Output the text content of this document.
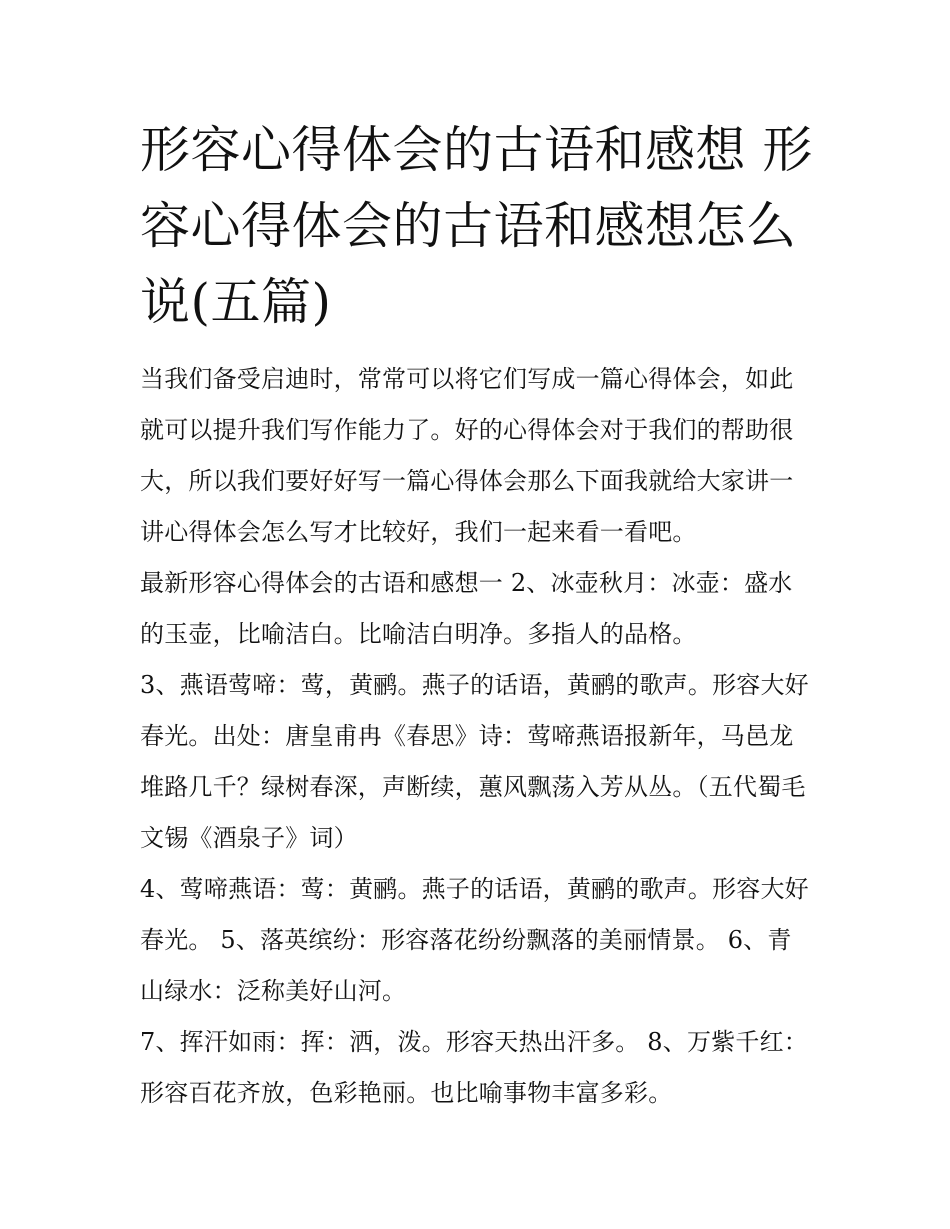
形容心得体会的古语和感想 形容心得体会的古语和感想怎么说(五篇)

当我们备受启迪时，常常可以将它们写成一篇心得体会，如此就可以提升我们写作能力了。好的心得体会对于我们的帮助很大，所以我们要好好写一篇心得体会那么下面我就给大家讲一讲心得体会怎么写才比较好，我们一起来看一看吧。

最新形容心得体会的古语和感想一 2、冰壶秋月：冰壶：盛水的玉壶，比喻洁白。比喻洁白明净。多指人的品格。

3、燕语莺啼：莺，黄鹂。燕子的话语，黄鹂的歌声。形容大好春光。出处：唐皇甫冉《春思》诗：莺啼燕语报新年，马邑龙堆路几千？绿树春深，声断续，蕙风飘荡入芳从丛。（五代蜀毛文锡《酒泉子》词）

4、莺啼燕语：莺：黄鹂。燕子的话语，黄鹂的歌声。形容大好春光。 5、落英缤纷：形容落花纷纷飘落的美丽情景。 6、青山绿水：泛称美好山河。

7、挥汗如雨：挥：洒，泼。形容天热出汗多。 8、万紫千红：形容百花齐放，色彩艳丽。也比喻事物丰富多彩。
